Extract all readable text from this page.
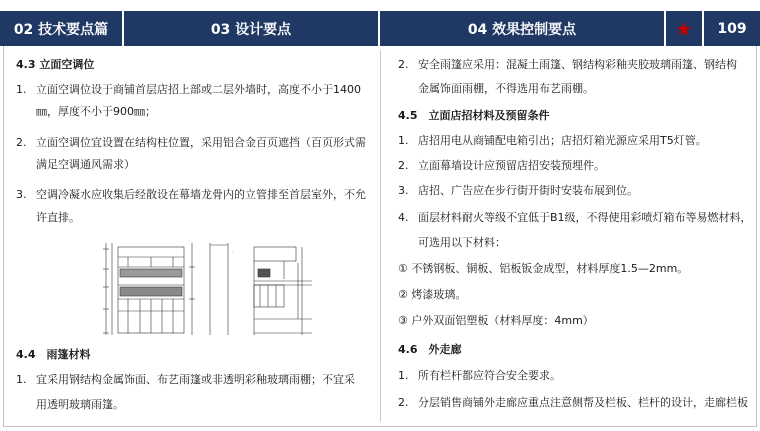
02 技术要点篇	03 设计要点	04 效果控制要点	★	109
4.3 立面空调位
1. 立面空调位设于商铺首层店招上部或二层外墙时，高度不小于1400
㎜，厚度不小于900㎜；
2. 立面空调位宜设置在结构柱位置，采用铝合金百页遮挡（百页形式需
满足空调通风需求）
3. 空调冷凝水应收集后经散设在幕墙龙骨内的立管排至首层室外，不允
许直排。
4.4　雨篷材料
1. 宜采用钢结构金属饰面、布艺雨篷或非透明彩釉玻璃雨棚；不宜采
用透明玻璃雨篷。
.
2. 安全雨篷应采用：混凝土雨篷、钢结构彩釉夹胶玻璃雨篷、钢结构
金属饰面雨棚，不得选用布艺雨棚。
4.5　立面店招材料及预留条件
1. 店招用电从商铺配电箱引出；店招灯箱光源应采用T5灯管。
2. 立面幕墙设计应预留店招安装预埋件。
3. 店招、广告应在步行街开街时安装布展到位。
4. 面层材料耐火等级不宜低于B1级，不得使用彩喷灯箱布等易燃材料，
可选用以下材料：
① 不锈钢板、铜板、铝板钣金成型，材料厚度1.5—2mm。
② 烤漆玻璃。
③ 户外双面铝塑板（材料厚度：4mm）
4.6　外走廊
1. 所有栏杆都应符合安全要求。
2. 分层销售商铺外走廊应重点注意侧帮及栏板、栏杆的设计，走廊栏板
